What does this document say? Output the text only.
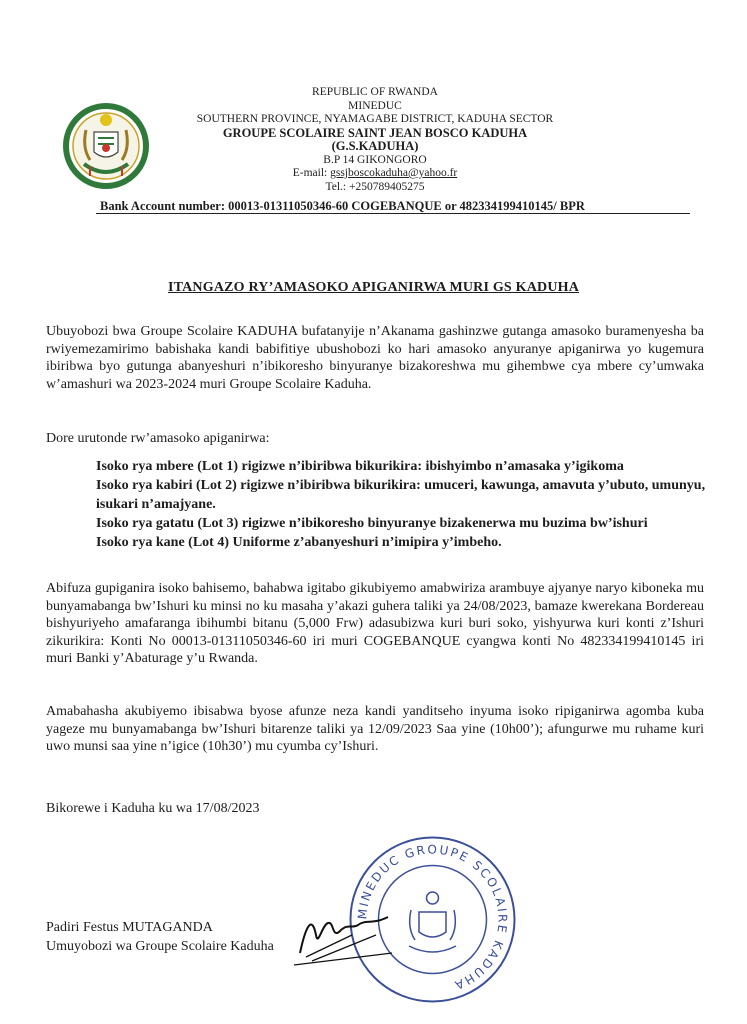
REPUBLIC OF RWANDA
MINEDUC
SOUTHERN PROVINCE, NYAMAGABE DISTRICT, KADUHA SECTOR
GROUPE SCOLAIRE SAINT JEAN BOSCO KADUHA
(G.S.KADUHA)
B.P 14 GIKONGORO
E-mail: gssjboscokaduha@yahoo.fr
Tel.: +250789405275
Bank Account number: 00013-01311050346-60 COGEBANQUE or 482334199410145/ BPR
ITANGAZO RY’AMASOKO APIGANIRWA MURI GS KADUHA
Ubuyobozi bwa Groupe Scolaire KADUHA bufatanyije n’Akanama gashinzwe gutanga amasoko buramenyesha ba rwiyemezamirimo babishaka kandi babifitiye ubushobozi ko hari amasoko anyuranye apiganirwa yo kugemura ibiribwa byo gutunga abanyeshuri n’ibikoresho binyuranye bizakoreshwa mu gihembwe cya mbere cy’umwaka w’amashuri wa 2023-2024 muri Groupe Scolaire Kaduha.
Dore urutonde rw’amasoko apiganirwa:
Isoko rya mbere (Lot 1) rigizwe n’ibiribwa bikurikira: ibishyimbo n’amasaka y’igikoma
Isoko rya kabiri (Lot 2) rigizwe n’ibiribwa bikurikira: umuceri, kawunga, amavuta y’ubuto, umunyu, isukari n’amajyane.
Isoko rya gatatu (Lot 3) rigizwe n’ibikoresho binyuranye bizakenerwa mu buzima bw’ishuri
Isoko rya kane (Lot 4) Uniforme z’abanyeshuri n’imipira y’imbeho.
Abifuza gupiganira isoko bahisemo, bahabwa igitabo gikubiyemo amabwiriza arambuye ajyanye naryo kiboneka mu bunyamabanga bw’Ishuri ku minsi no ku masaha y’akazi guhera taliki ya 24/08/2023, bamaze kwerekana Bordereau bishyuriyeho amafaranga ibihumbi bitanu (5,000 Frw) adasubizwa kuri buri soko, yishyurwa kuri konti z’Ishuri zikurikira: Konti No 00013-01311050346-60 iri muri COGEBANQUE cyangwa konti No 482334199410145 iri muri Banki y’Abaturage y’u Rwanda.
Amabahasha akubiyemo ibisabwa byose afunze neza kandi yanditseho inyuma isoko ripiganirwa agomba kuba yageze mu bunyamabanga bw’Ishuri bitarenze taliki ya 12/09/2023 Saa yine (10h00’); afungurwe mu ruhame kuri uwo munsi saa yine n’igice (10h30’) mu cyumba cy’Ishuri.
Bikorewe i Kaduha ku wa 17/08/2023
MINEDUC GROUPE SCOLAIRE KADUHA
Padiri Festus MUTAGANDA
Umuyobozi wa Groupe Scolaire Kaduha
